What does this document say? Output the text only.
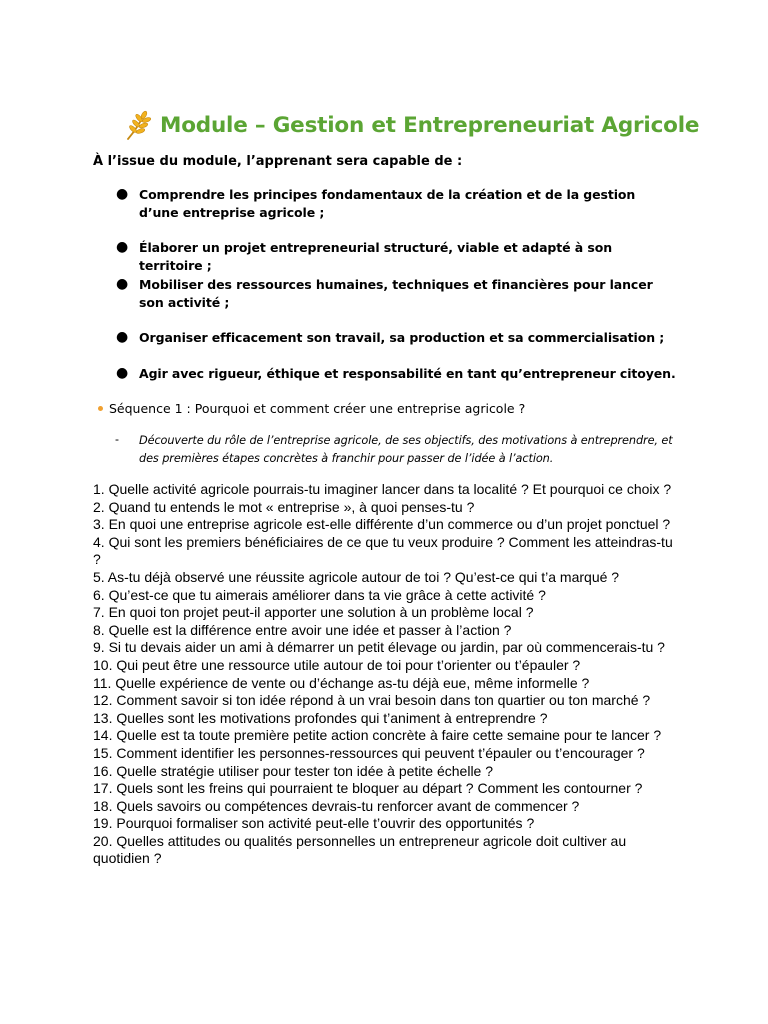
Module – Gestion et Entrepreneuriat Agricole
À l’issue du module, l’apprenant sera capable de :
● Comprendre les principes fondamentaux de la création et de la gestion d’une entreprise agricole ;
● Élaborer un projet entrepreneurial structuré, viable et adapté à son territoire ;
● Mobiliser des ressources humaines, techniques et financières pour lancer son activité ;
● Organiser efficacement son travail, sa production et sa commercialisation ;
● Agir avec rigueur, éthique et responsabilité en tant qu’entrepreneur citoyen.
Séquence 1 : Pourquoi et comment créer une entreprise agricole ?
- Découverte du rôle de l’entreprise agricole, de ses objectifs, des motivations à entreprendre, et des premières étapes concrètes à franchir pour passer de l’idée à l’action.

1. Quelle activité agricole pourrais-tu imaginer lancer dans ta localité ? Et pourquoi ce choix ?

2. Quand tu entends le mot « entreprise », à quoi penses-tu ?

3. En quoi une entreprise agricole est-elle différente d’un commerce ou d’un projet ponctuel ?

4. Qui sont les premiers bénéficiaires de ce que tu veux produire ? Comment les atteindras-tu ?

5. As-tu déjà observé une réussite agricole autour de toi ? Qu’est-ce qui t’a marqué ?

6. Qu’est-ce que tu aimerais améliorer dans ta vie grâce à cette activité ?

7. En quoi ton projet peut-il apporter une solution à un problème local ?

8. Quelle est la différence entre avoir une idée et passer à l’action ?

9. Si tu devais aider un ami à démarrer un petit élevage ou jardin, par où commencerais-tu ?

10. Qui peut être une ressource utile autour de toi pour t’orienter ou t’épauler ?

11. Quelle expérience de vente ou d’échange as-tu déjà eue, même informelle ?

12. Comment savoir si ton idée répond à un vrai besoin dans ton quartier ou ton marché ?

13. Quelles sont les motivations profondes qui t’animent à entreprendre ?

14. Quelle est ta toute première petite action concrète à faire cette semaine pour te lancer ?

15. Comment identifier les personnes-ressources qui peuvent t’épauler ou t’encourager ?

16. Quelle stratégie utiliser pour tester ton idée à petite échelle ?

17. Quels sont les freins qui pourraient te bloquer au départ ? Comment les contourner ?

18. Quels savoirs ou compétences devrais-tu renforcer avant de commencer ?

19. Pourquoi formaliser son activité peut-elle t’ouvrir des opportunités ?

20. Quelles attitudes ou qualités personnelles un entrepreneur agricole doit cultiver au quotidien ?
